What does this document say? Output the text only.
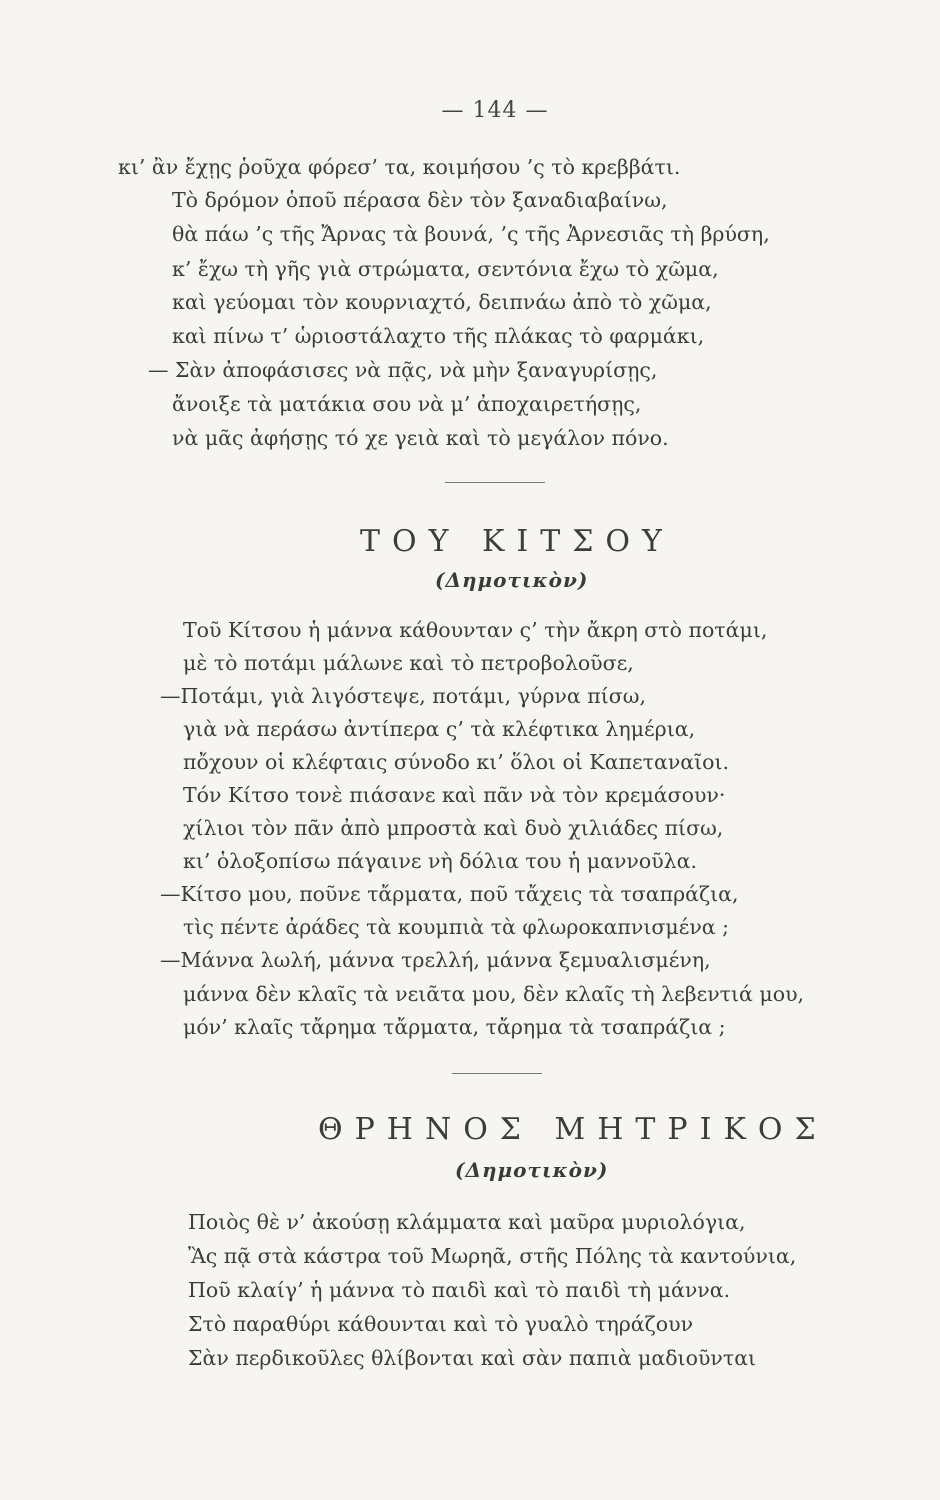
— 144 —
κι’ ἂν ἔχῃς ῥοῦχα φόρεσ’ τα, κοιμήσου ’ς τὸ κρεββάτι.
Τὸ δρόμον ὁποῦ πέρασα δὲν τὸν ξαναδιαβαίνω,
θὰ πάω ’ς τῆς Ἄρνας τὰ βουνά, ’ς τῆς Ἀρνεσιᾶς τὴ βρύση,
κ’ ἔχω τὴ γῆς γιὰ στρώματα, σεντόνια ἔχω τὸ χῶμα,
καὶ γεύομαι τὸν κουρνιαχτό, δειπνάω ἀπὸ τὸ χῶμα,
καὶ πίνω τ’ ὡριοστάλαχτο τῆς πλάκας τὸ φαρμάκι,
— Σὰν ἀποφάσισες νὰ πᾷς, νὰ μὴν ξαναγυρίσῃς,
ἄνοιξε τὰ ματάκια σου νὰ μ’ ἀποχαιρετήσῃς,
νὰ μᾶς ἀφήσῃς τό χε γειὰ καὶ τὸ μεγάλον πόνο.
ΤΟΥ ΚΙΤΣΟΥ
(Δημοτικὸν)
Τοῦ Κίτσου ἡ μάννα κάθουνταν ς’ τὴν ἄκρη στὸ ποτάμι,
μὲ τὸ ποτάμι μάλωνε καὶ τὸ πετροβολοῦσε,
—Ποτάμι, γιὰ λιγόστεψε, ποτάμι, γύρνα πίσω,
γιὰ νὰ περάσω ἀντίπερα ς’ τὰ κλέφτικα λημέρια,
πὄχουν οἱ κλέφταις σύνοδο κι’ ὅλοι οἱ Καπεταναῖοι.
Τόν Κίτσο τονὲ πιάσανε καὶ πᾶν νὰ τὸν κρεμάσουν·
χίλιοι τὸν πᾶν ἀπὸ μπροστὰ καὶ δυὸ χιλιάδες πίσω,
κι’ ὁλοξοπίσω πάγαινε νὴ δόλια του ἡ μαννοῦλα.
—Κίτσο μου, ποῦνε τἄρματα, ποῦ τἄχεις τὰ τσαπράζια,
τὶς πέντε ἀράδες τὰ κουμπιὰ τὰ φλωροκαπνισμένα ;
—Μάννα λωλή, μάννα τρελλή, μάννα ξεμυαλισμένη,
μάννα δὲν κλαῖς τὰ νειᾶτα μου, δὲν κλαῖς τὴ λεβεντιά μου,
μόν’ κλαῖς τἄρημα τἄρματα, τἄρημα τὰ τσαπράζια ;
ΘΡΗΝΟΣ ΜΗΤΡΙΚΟΣ
(Δημοτικὸν)
Ποιὸς θὲ ν’ ἀκούσῃ κλάμματα καὶ μαῦρα μυριολόγια,
Ἂς πᾷ στὰ κάστρα τοῦ Μωρηᾶ, στῆς Πόλης τὰ καντούνια,
Ποῦ κλαίγ’ ἡ μάννα τὸ παιδὶ καὶ τὸ παιδὶ τὴ μάννα.
Στὸ παραθύρι κάθουνται καὶ τὸ γυαλὸ τηράζουν
Σὰν περδικοῦλες θλίβονται καὶ σὰν παπιὰ μαδιοῦνται
